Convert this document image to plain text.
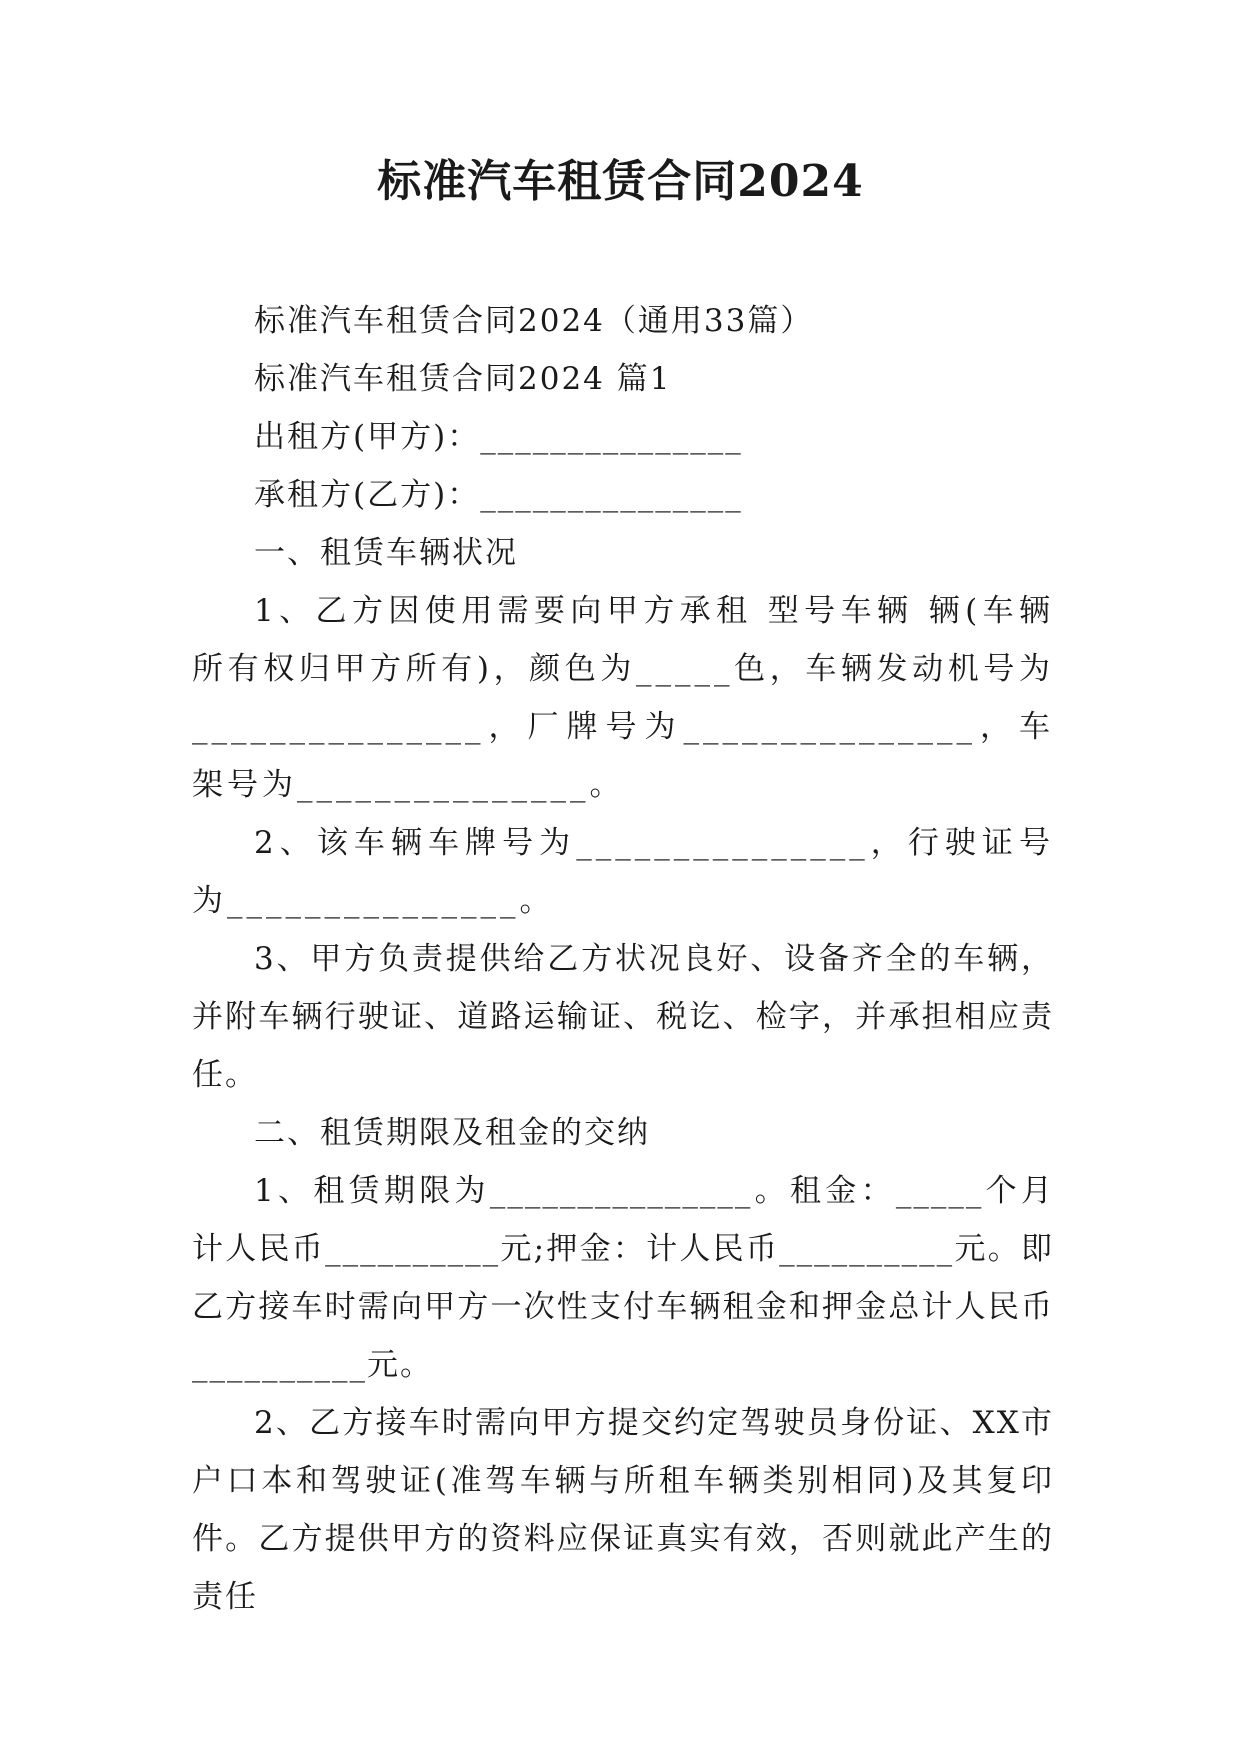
标准汽车租赁合同2024

标准汽车租赁合同2024（通用33篇）

标准汽车租赁合同2024 篇1

出租方(甲方)：_______________

承租方(乙方)：_______________

一、租赁车辆状况

1、乙方因使用需要向甲方承租 型号车辆 辆(车辆所有权归甲方所有)，颜色为_____色，车辆发动机号为_______________，厂牌号为_______________，车架号为_______________。

2、该车辆车牌号为_______________，行驶证号为_______________。

3、甲方负责提供给乙方状况良好、设备齐全的车辆，并附车辆行驶证、道路运输证、税讫、检字，并承担相应责任。

二、租赁期限及租金的交纳

1、租赁期限为_______________。租金：_____个月计人民币__________元;押金：计人民币__________元。即乙方接车时需向甲方一次性支付车辆租金和押金总计人民币__________元。

2、乙方接车时需向甲方提交约定驾驶员身份证、XX市户口本和驾驶证(准驾车辆与所租车辆类别相同)及其复印件。乙方提供甲方的资料应保证真实有效，否则就此产生的责任
